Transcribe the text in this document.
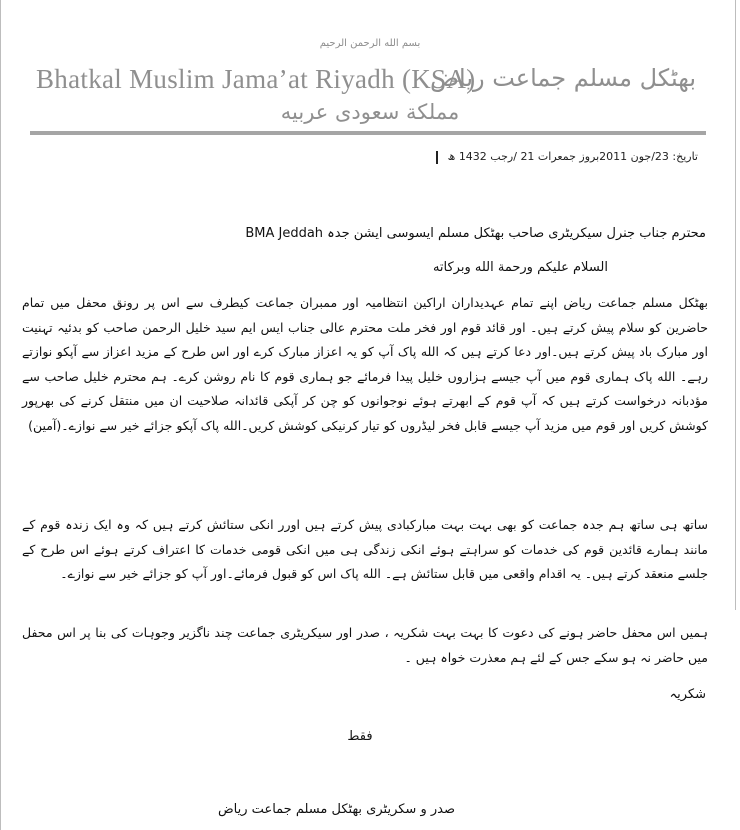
بسم الله الرحمن الرحيم
Bhatkal Muslim Jama’at Riyadh (KSA)
بھٹکل مسلم جماعت ریاض
مملكة سعودی عربیه
تاریخ: 23/جون 2011بروز جمعرات 21 /رجب 1432 ھ
محترم جناب جنرل سیکریٹری صاحب بھٹکل مسلم ایسوسی ایشن جدہ BMA Jeddah
السلام علیکم ورحمة الله وبرکاته
بھٹکل مسلم جماعت ریاض اپنے تمام عہدیداران اراکین انتظامیہ اور ممبران جماعت کیطرف سے اس پر رونق محفل میں تمام حاضرین کو سلام پیش کرتے ہیں۔ اور قائد قوم اور فخر ملت محترم عالی جناب ایس ایم سید خلیل الرحمن صاحب کو بدئیہ تہنیت اور مبارک باد پیش کرتے ہیں۔اور دعا کرتے ہیں کہ الله پاک آپ کو یہ اعزاز مبارک کرے اور اس طرح کے مزید اعزاز سے آپکو نوازتے رہے۔ الله پاک ہماری قوم میں آپ جیسے ہزاروں خلیل پیدا فرمائے جو ہماری قوم کا نام روشن کرے۔ ہم محترم خلیل صاحب سے مؤدبانہ درخواست کرتے ہیں کہ آپ قوم کے ابھرتے ہوئے نوجوانوں کو چن کر آپکی قائدانہ صلاحیت ان میں منتقل کرنے کی بھرپور کوشش کریں اور قوم میں مزید آپ جیسے قابل فخر لیڈروں کو تیار کرنیکی کوشش کریں۔الله پاک آپکو جزائے خیر سے نوازے۔(آمین)
ساتھ ہی ساتھ ہم جدہ جماعت کو بھی بہت بہت مبارکبادی پیش کرتے ہیں اورر انکی ستائش کرتے ہیں کہ وہ ایک زندہ قوم کے مانند ہمارے قائدین قوم کی خدمات کو سراہتے ہوئے انکی زندگی ہی میں انکی قومی خدمات کا اعتراف کرتے ہوئے اس طرح کے جلسے منعقد کرتے ہیں۔ یہ اقدام واقعی میں قابل ستائش ہے۔ الله پاک اس کو قبول فرمائے۔اور آپ کو جزائے خیر سے نوازے۔
ہمیں اس محفل حاضر ہونے کی دعوت کا بہت بہت شکریہ ، صدر اور سیکریٹری جماعت چند ناگزیر وجوہات کی بنا پر اس محفل میں حاضر نہ ہو سکے جس کے لئے ہم معذرت خواہ ہیں ۔
شکریہ
فقط
صدر و سکریٹری بھٹکل مسلم جماعت ریاض
